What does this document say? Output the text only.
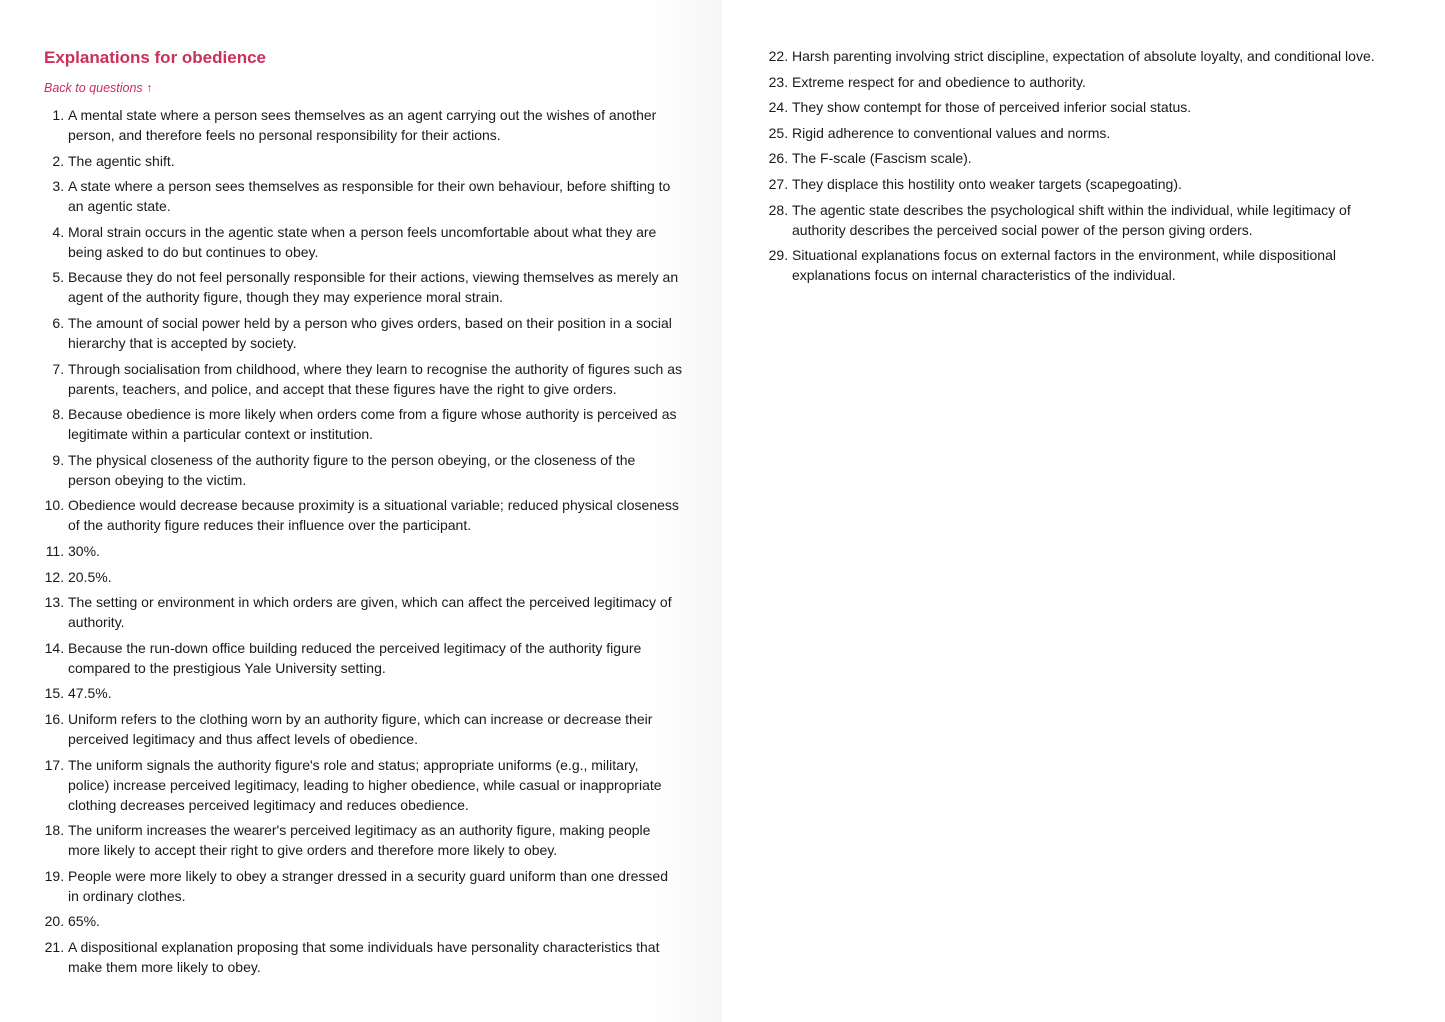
Explanations for obedience
Back to questions ↑
1. A mental state where a person sees themselves as an agent carrying out the wishes of another person, and therefore feels no personal responsibility for their actions.
2. The agentic shift.
3. A state where a person sees themselves as responsible for their own behaviour, before shifting to an agentic state.
4. Moral strain occurs in the agentic state when a person feels uncomfortable about what they are being asked to do but continues to obey.
5. Because they do not feel personally responsible for their actions, viewing themselves as merely an agent of the authority figure, though they may experience moral strain.
6. The amount of social power held by a person who gives orders, based on their position in a social hierarchy that is accepted by society.
7. Through socialisation from childhood, where they learn to recognise the authority of figures such as parents, teachers, and police, and accept that these figures have the right to give orders.
8. Because obedience is more likely when orders come from a figure whose authority is perceived as legitimate within a particular context or institution.
9. The physical closeness of the authority figure to the person obeying, or the closeness of the person obeying to the victim.
10. Obedience would decrease because proximity is a situational variable; reduced physical closeness of the authority figure reduces their influence over the participant.
11. 30%.
12. 20.5%.
13. The setting or environment in which orders are given, which can affect the perceived legitimacy of authority.
14. Because the run-down office building reduced the perceived legitimacy of the authority figure compared to the prestigious Yale University setting.
15. 47.5%.
16. Uniform refers to the clothing worn by an authority figure, which can increase or decrease their perceived legitimacy and thus affect levels of obedience.
17. The uniform signals the authority figure's role and status; appropriate uniforms (e.g., military, police) increase perceived legitimacy, leading to higher obedience, while casual or inappropriate clothing decreases perceived legitimacy and reduces obedience.
18. The uniform increases the wearer's perceived legitimacy as an authority figure, making people more likely to accept their right to give orders and therefore more likely to obey.
19. People were more likely to obey a stranger dressed in a security guard uniform than one dressed in ordinary clothes.
20. 65%.
21. A dispositional explanation proposing that some individuals have personality characteristics that make them more likely to obey.
22. Harsh parenting involving strict discipline, expectation of absolute loyalty, and conditional love.
23. Extreme respect for and obedience to authority.
24. They show contempt for those of perceived inferior social status.
25. Rigid adherence to conventional values and norms.
26. The F-scale (Fascism scale).
27. They displace this hostility onto weaker targets (scapegoating).
28. The agentic state describes the psychological shift within the individual, while legitimacy of authority describes the perceived social power of the person giving orders.
29. Situational explanations focus on external factors in the environment, while dispositional explanations focus on internal characteristics of the individual.
